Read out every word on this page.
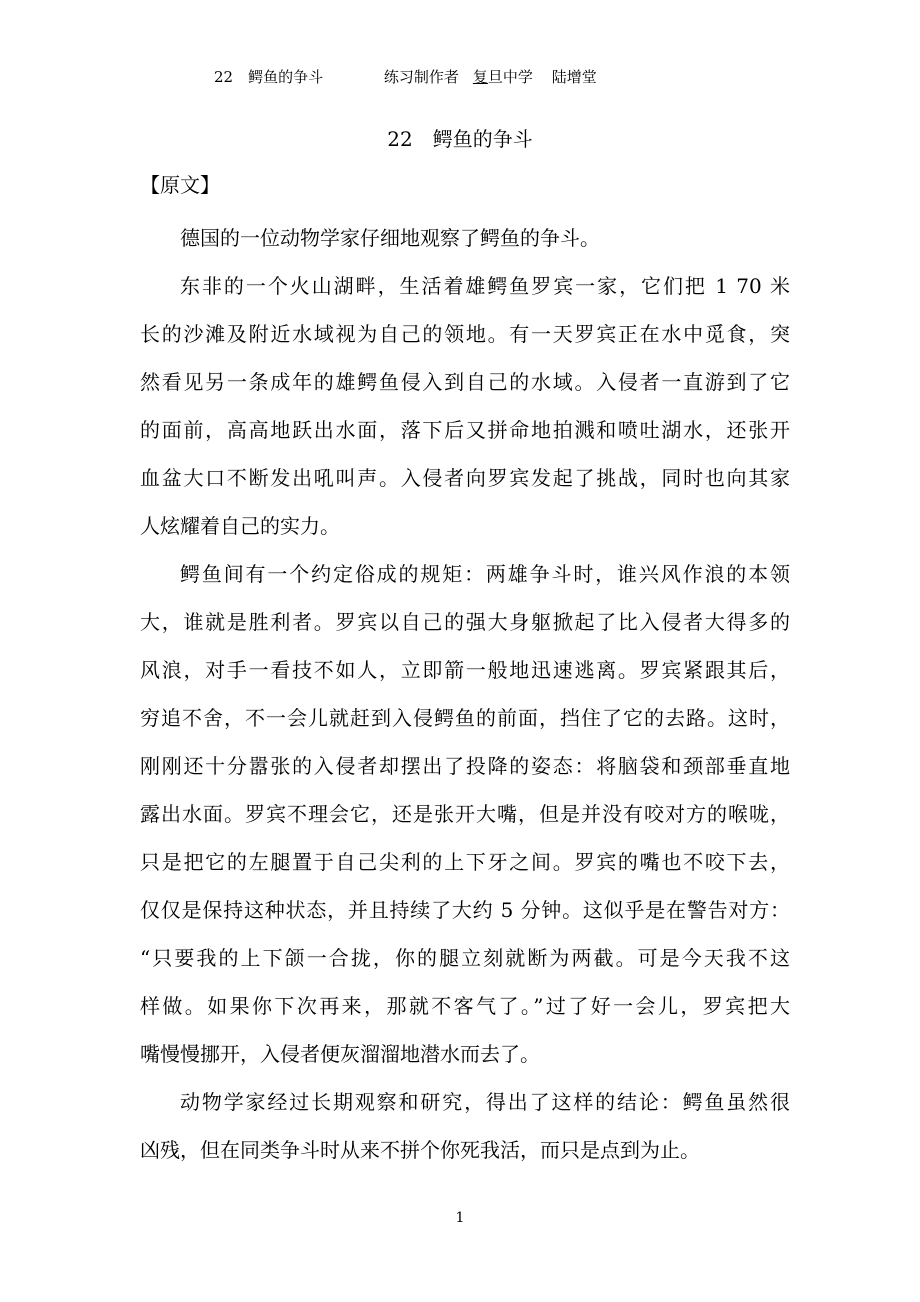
22　鳄鱼的争斗	练习制作者 复旦中学 陆增堂
22　鳄鱼的争斗
【原文】
德国的一位动物学家仔细地观察了鳄鱼的争斗。
东非的一个火山湖畔，生活着雄鳄鱼罗宾一家，它们把 1 70 米
长的沙滩及附近水域视为自己的领地。有一天罗宾正在水中觅食，突
然看见另一条成年的雄鳄鱼侵入到自己的水域。入侵者一直游到了它
的面前，高高地跃出水面，落下后又拼命地拍溅和喷吐湖水，还张开
血盆大口不断发出吼叫声。入侵者向罗宾发起了挑战，同时也向其家
人炫耀着自己的实力。
鳄鱼间有一个约定俗成的规矩：两雄争斗时，谁兴风作浪的本领
大，谁就是胜利者。罗宾以自己的强大身躯掀起了比入侵者大得多的
风浪，对手一看技不如人，立即箭一般地迅速逃离。罗宾紧跟其后，
穷追不舍，不一会儿就赶到入侵鳄鱼的前面，挡住了它的去路。这时，
刚刚还十分嚣张的入侵者却摆出了投降的姿态：将脑袋和颈部垂直地
露出水面。罗宾不理会它，还是张开大嘴，但是并没有咬对方的喉咙，
只是把它的左腿置于自己尖利的上下牙之间。罗宾的嘴也不咬下去，
仅仅是保持这种状态，并且持续了大约 5 分钟。这似乎是在警告对方：
“只要我的上下颌一合拢，你的腿立刻就断为两截。可是今天我不这
样做。如果你下次再来，那就不客气了。”过了好一会儿，罗宾把大
嘴慢慢挪开，入侵者便灰溜溜地潜水而去了。
动物学家经过长期观察和研究，得出了这样的结论：鳄鱼虽然很
凶残，但在同类争斗时从来不拼个你死我活，而只是点到为止。
1
